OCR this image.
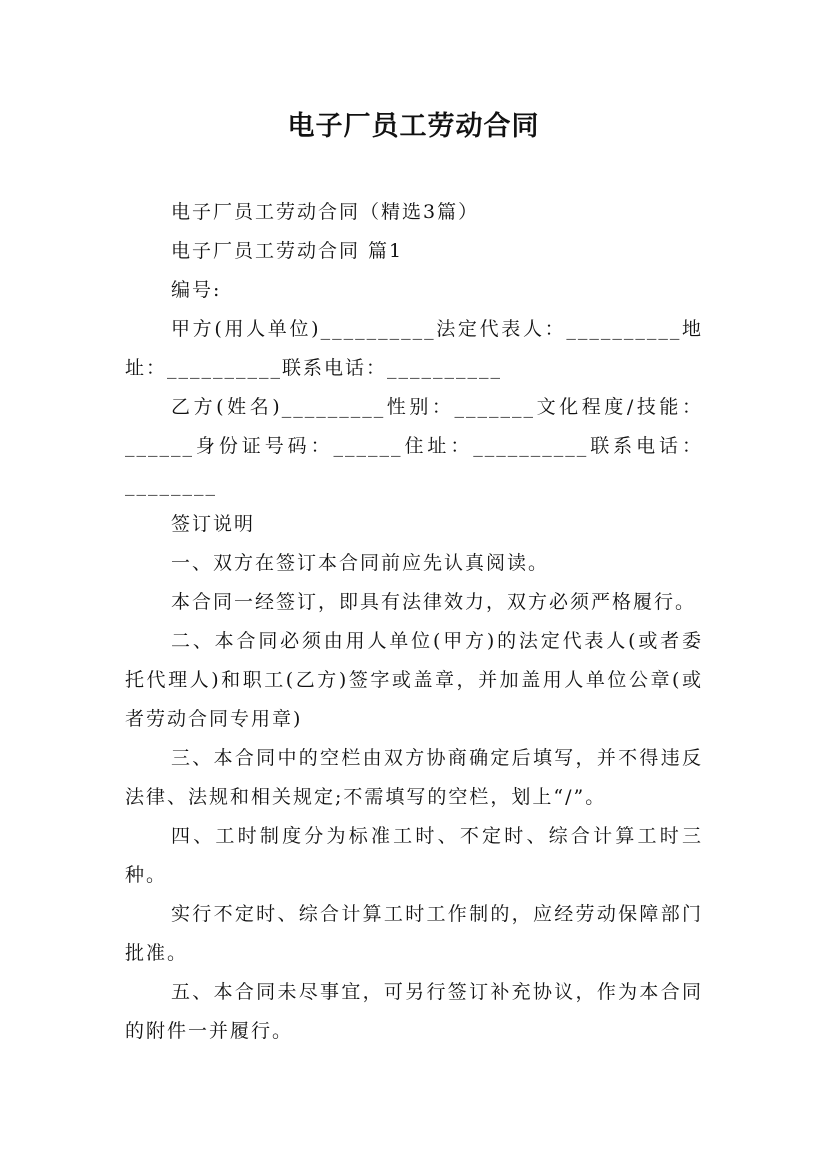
电子厂员工劳动合同

电子厂员工劳动合同（精选3篇）

电子厂员工劳动合同 篇1

编号:

甲方(用人单位)__________法定代表人：__________地址：__________联系电话：__________

乙方(姓名)_________性别：_______文化程度/技能：______身份证号码：______住址：__________联系电话：________

签订说明

一、双方在签订本合同前应先认真阅读。

本合同一经签订，即具有法律效力，双方必须严格履行。

二、本合同必须由用人单位(甲方)的法定代表人(或者委托代理人)和职工(乙方)签字或盖章，并加盖用人单位公章(或者劳动合同专用章)

三、本合同中的空栏由双方协商确定后填写，并不得违反法律、法规和相关规定;不需填写的空栏，划上“/”。

四、工时制度分为标准工时、不定时、综合计算工时三种。

实行不定时、综合计算工时工作制的，应经劳动保障部门批准。

五、本合同未尽事宜，可另行签订补充协议，作为本合同的附件一并履行。
